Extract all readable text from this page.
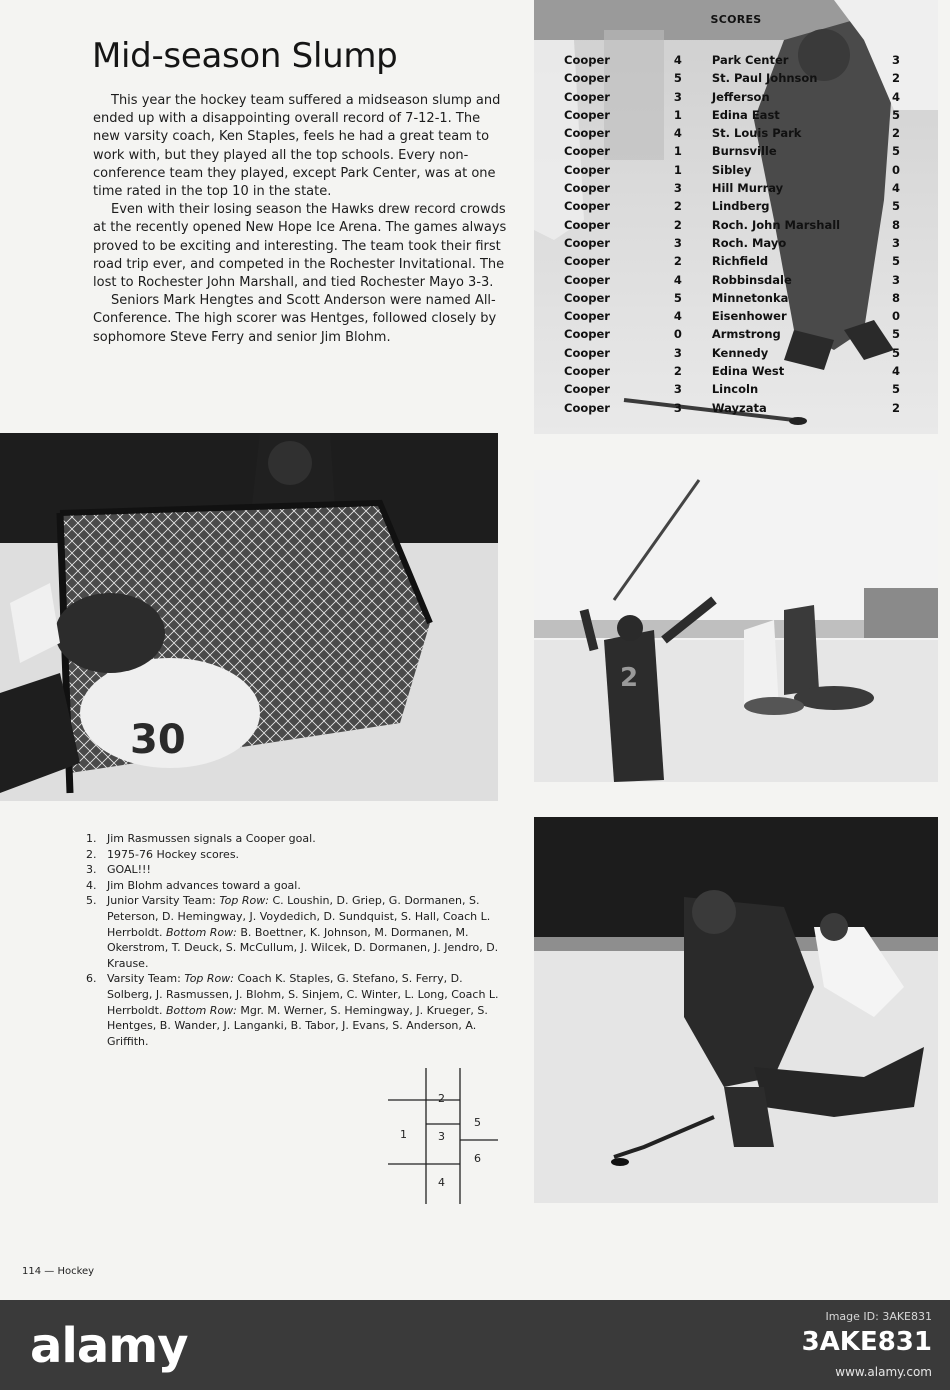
Mid-season Slump

This year the hockey team suffered a midseason slump and ended up with a disappointing overall record of 7-12-1. The new varsity coach, Ken Staples, feels he had a great team to work with, but they played all the top schools. Every non-conference team they played, except Park Center, was at one time rated in the top 10 in the state.

Even with their losing season the Hawks drew record crowds at the recently opened New Hope Ice Arena. The games always proved to be exciting and interesting. The team took their first road trip ever, and competed in the Rochester Invitational. The lost to Rochester John Marshall, and tied Rochester Mayo 3-3.

Seniors Mark Hengtes and Scott Anderson were named All-Conference. The high scorer was Hentges, followed closely by sophomore Steve Ferry and senior Jim Blohm.

SCORES
Cooper	4	Park Center	3
Cooper	5	St. Paul Johnson	2
Cooper	3	Jefferson	4
Cooper	1	Edina East	5
Cooper	4	St. Louis Park	2
Cooper	1	Burnsville	5
Cooper	1	Sibley	0
Cooper	3	Hill Murray	4
Cooper	2	Lindberg	5
Cooper	2	Roch. John Marshall	8
Cooper	3	Roch. Mayo	3
Cooper	2	Richfield	5
Cooper	4	Robbinsdale	3
Cooper	5	Minnetonka	8
Cooper	4	Eisenhower	0
Cooper	0	Armstrong	5
Cooper	3	Kennedy	5
Cooper	2	Edina West	4
Cooper	3	Lincoln	5
Cooper	3	Wayzata	2
30
2
1. Jim Rasmussen signals a Cooper goal.
2. 1975-76 Hockey scores.
3. GOAL!!!
4. Jim Blohm advances toward a goal.
5. Junior Varsity Team: Top Row: C. Loushin, D. Griep, G. Dormanen, S. Peterson, D. Hemingway, J. Voydedich, D. Sundquist, S. Hall, Coach L. Herrboldt. Bottom Row: B. Boettner, K. Johnson, M. Dormanen, M. Okerstrom, T. Deuck, S. McCullum, J. Wilcek, D. Dormanen, J. Jendro, D. Krause.
6. Varsity Team: Top Row: Coach K. Staples, G. Stefano, S. Ferry, D. Solberg, J. Rasmussen, J. Blohm, S. Sinjem, C. Winter, L. Long, Coach L. Herrboldt. Bottom Row: Mgr. M. Werner, S. Hemingway, J. Krueger, S. Hentges, B. Wander, J. Langanki, B. Tabor, J. Evans, S. Anderson, A. Griffith.
2
1	3
5
6
4
114 — Hockey
alamy
Image ID: 3AKE831
3AKE831
www.alamy.com
